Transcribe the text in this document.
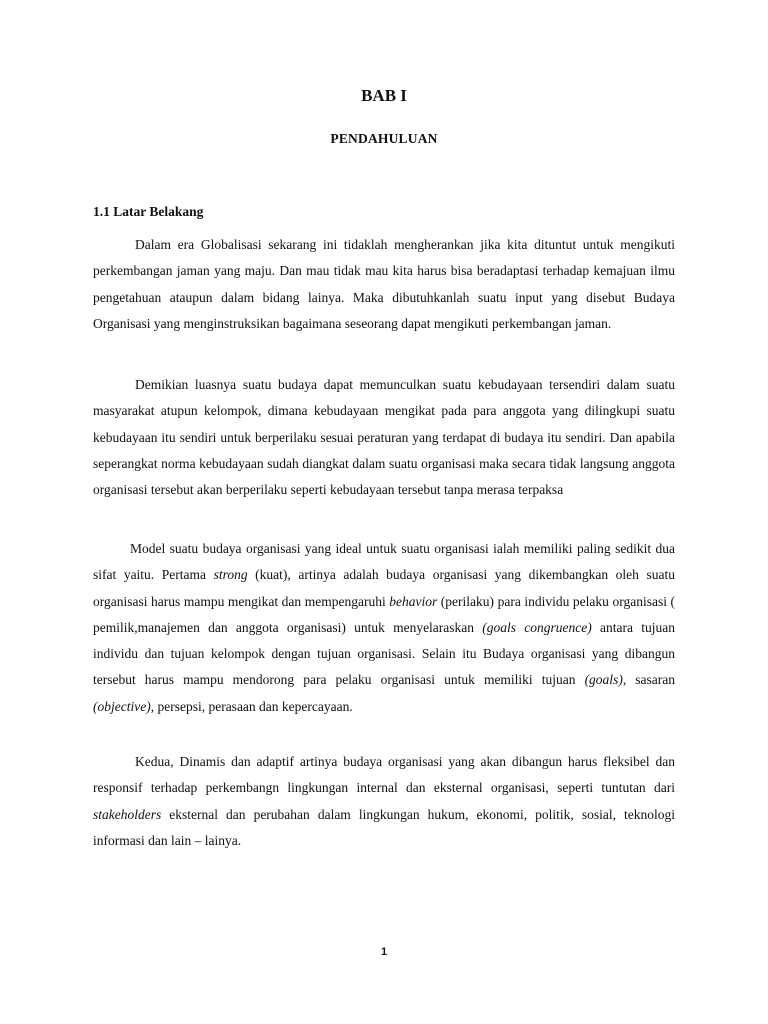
BAB I
PENDAHULUAN
1.1 Latar Belakang
Dalam era Globalisasi sekarang ini tidaklah mengherankan jika kita dituntut untuk mengikuti perkembangan jaman yang maju. Dan mau tidak mau kita harus bisa beradaptasi terhadap kemajuan ilmu pengetahuan ataupun dalam bidang lainya. Maka dibutuhkanlah suatu input yang disebut Budaya Organisasi yang menginstruksikan bagaimana seseorang dapat mengikuti perkembangan jaman.
Demikian luasnya suatu budaya dapat memunculkan suatu kebudayaan tersendiri dalam suatu masyarakat atupun kelompok, dimana kebudayaan mengikat pada para anggota yang dilingkupi suatu kebudayaan itu sendiri untuk berperilaku sesuai peraturan yang terdapat di budaya itu sendiri. Dan apabila seperangkat norma kebudayaan sudah diangkat dalam suatu organisasi maka secara tidak langsung anggota organisasi tersebut akan berperilaku seperti kebudayaan tersebut tanpa merasa terpaksa
Model suatu budaya organisasi yang ideal untuk suatu organisasi ialah memiliki paling sedikit dua sifat yaitu. Pertama strong (kuat), artinya adalah budaya organisasi yang dikembangkan oleh suatu organisasi harus mampu mengikat dan mempengaruhi behavior (perilaku) para individu pelaku organisasi ( pemilik,manajemen dan anggota organisasi) untuk menyelaraskan (goals congruence) antara tujuan individu dan tujuan kelompok dengan tujuan organisasi. Selain itu Budaya organisasi yang dibangun tersebut harus mampu mendorong para pelaku organisasi untuk memiliki tujuan (goals), sasaran (objective), persepsi, perasaan dan kepercayaan.
Kedua, Dinamis dan adaptif artinya budaya organisasi yang akan dibangun harus fleksibel dan responsif terhadap perkembangn lingkungan internal dan eksternal organisasi, seperti tuntutan dari stakeholders eksternal dan perubahan dalam lingkungan hukum, ekonomi, politik, sosial, teknologi informasi dan lain – lainya.
1
